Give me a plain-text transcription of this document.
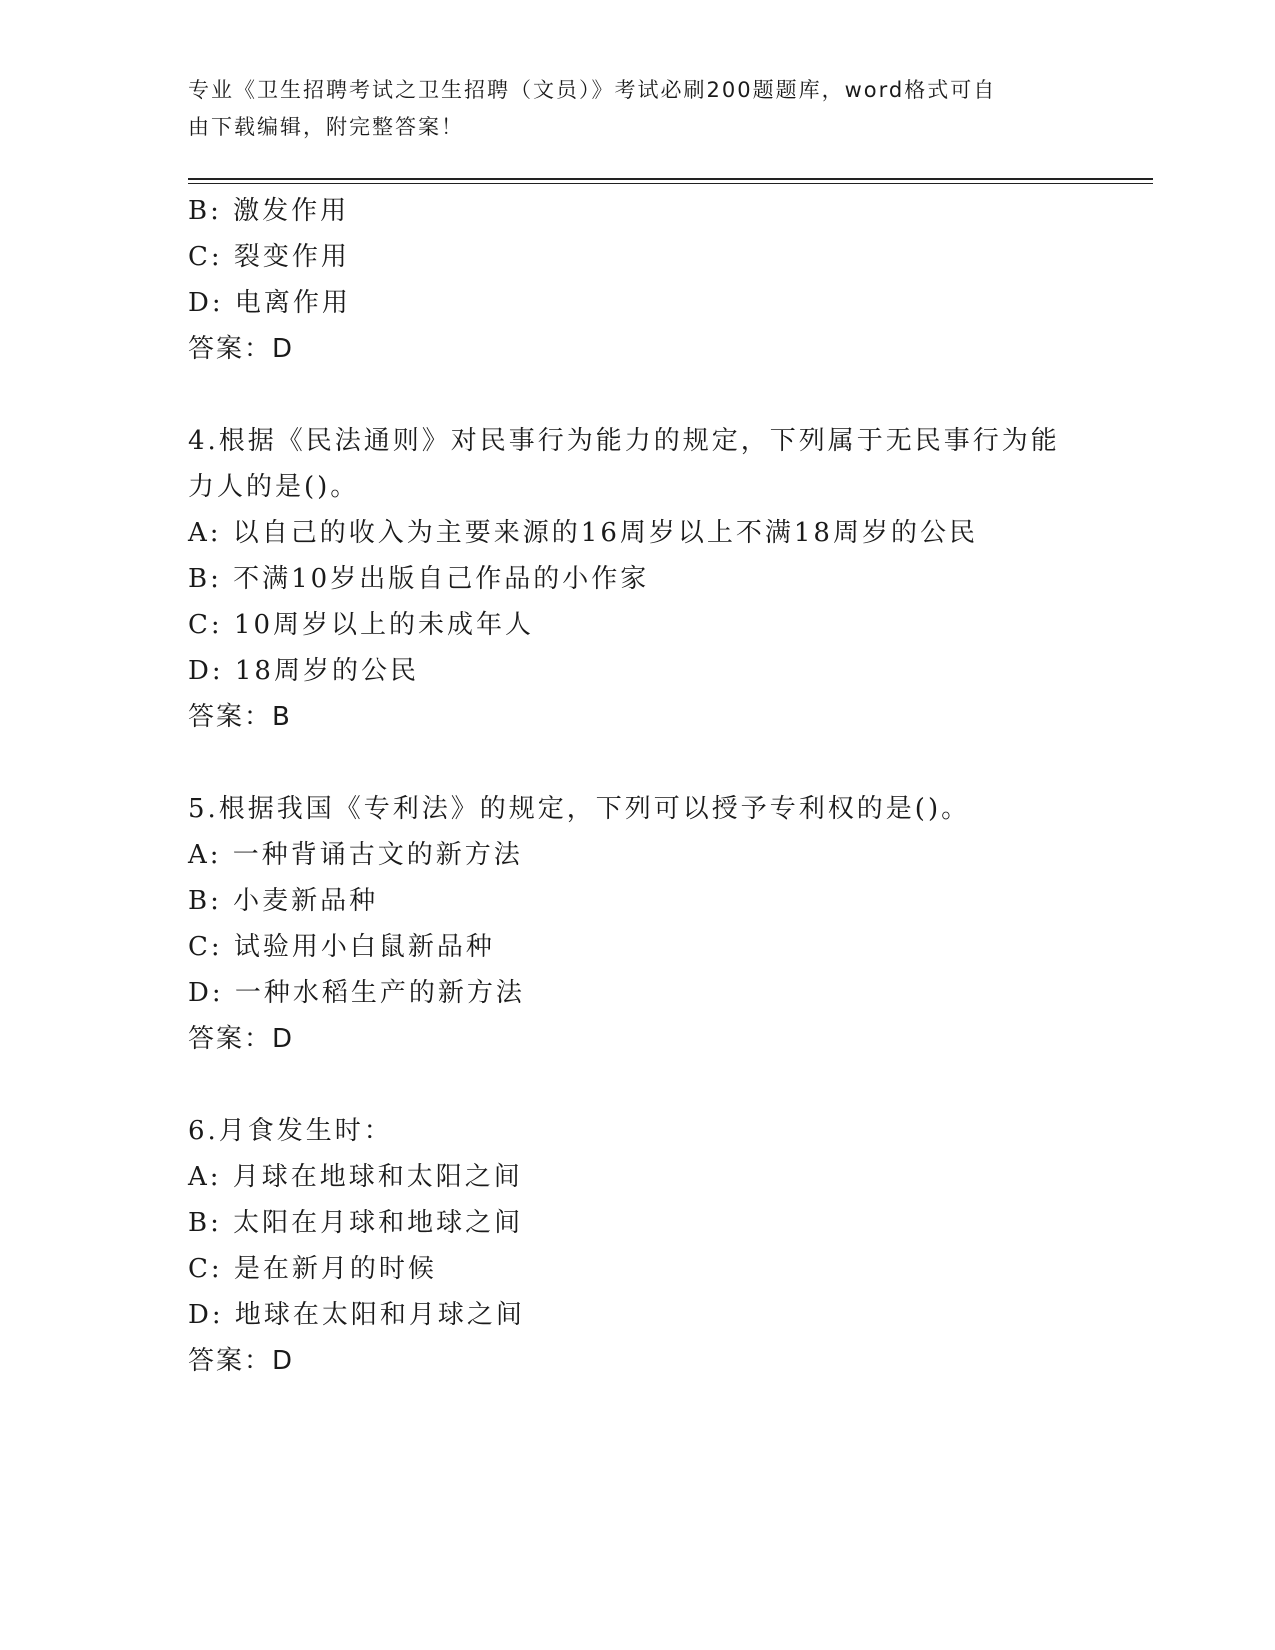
专业《卫生招聘考试之卫生招聘（文员）》考试必刷200题题库，word格式可自
由下载编辑，附完整答案！
B: 激发作用
C: 裂变作用
D: 电离作用
答案：D
4.根据《民法通则》对民事行为能力的规定，下列属于无民事行为能
力人的是()。
A: 以自己的收入为主要来源的16周岁以上不满18周岁的公民
B: 不满10岁出版自己作品的小作家
C: 10周岁以上的未成年人
D: 18周岁的公民
答案：B
5.根据我国《专利法》的规定，下列可以授予专利权的是()。
A: 一种背诵古文的新方法
B: 小麦新品种
C: 试验用小白鼠新品种
D: 一种水稻生产的新方法
答案：D
6.月食发生时：
A: 月球在地球和太阳之间
B: 太阳在月球和地球之间
C: 是在新月的时候
D: 地球在太阳和月球之间
答案：D
